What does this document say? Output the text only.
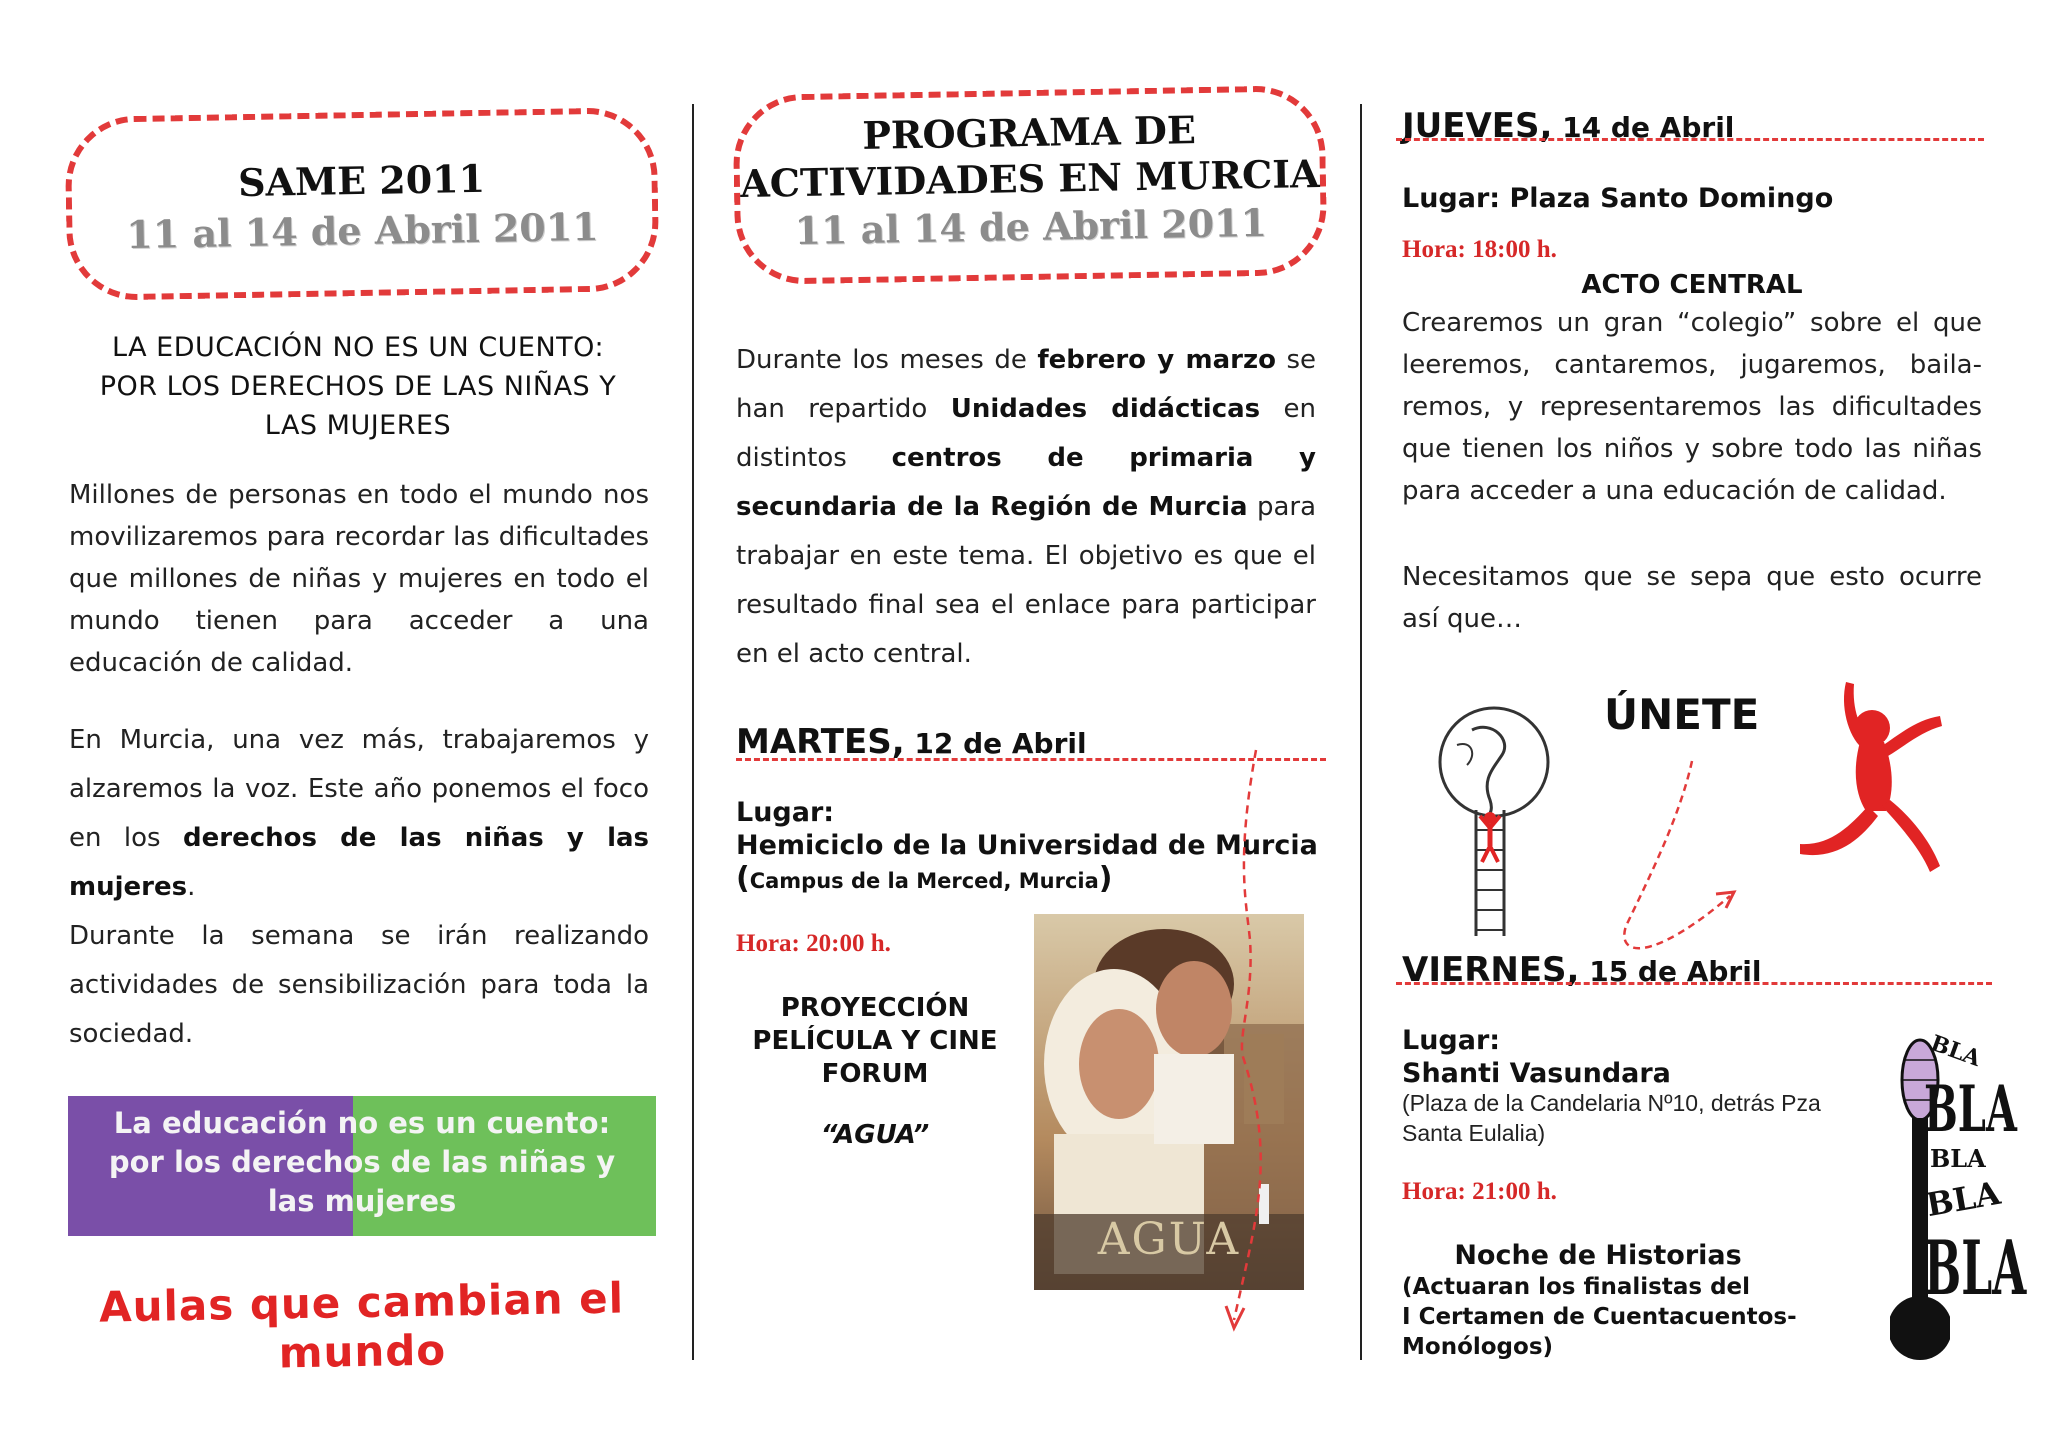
SAME 2011
11 al 14 de Abril 2011
LA EDUCACIÓN NO ES UN CUENTO:
POR LOS DERECHOS DE LAS NIÑAS Y
LAS MUJERES
Millones de personas en todo el mundo nos movilizaremos para recordar las dificultades que millones de niñas y mujeres en todo el mundo tienen para acceder a una educación de calidad.
En Murcia, una vez más, trabajaremos y alzaremos la voz. Este año ponemos el foco en los derechos de las niñas y las mujeres.
Durante la semana se irán realizando actividades de sensibilización para toda la sociedad.
La educación no es un cuento:
por los derechos de las niñas y
las mujeres
Aulas que cambian el mundo
PROGRAMA DE
ACTIVIDADES EN MURCIA
11 al 14 de Abril 2011
Durante los meses de febrero y marzo se han repartido Unidades didácticas en distintos centros de primaria y secundaria de la Región de Murcia para trabajar en este tema. El objetivo es que el resultado final sea el enlace para participar en el acto central.
MARTES, 12 de Abril
Lugar:
Hemiciclo de la Universidad de Murcia
(Campus de la Merced, Murcia)
Hora: 20:00 h.
PROYECCIÓN
PELÍCULA Y CINE
FORUM
“AGUA”
AGUA
JUEVES, 14 de Abril
Lugar: Plaza Santo Domingo
Hora: 18:00 h.
ACTO CENTRAL
Crearemos un gran “colegio” sobre el que leeremos, cantaremos, jugaremos, baila-remos, y representaremos las dificultades que tienen los niños y sobre todo las niñas para acceder a una educación de calidad.
Necesitamos que se sepa que esto ocurre así que…
ÚNETE
VIERNES, 15 de Abril
Lugar:
Shanti Vasundara
(Plaza de la Candelaria Nº10, detrás Pza Santa Eulalia)
Hora: 21:00 h.
Noche de Historias
(Actuaran los finalistas del
I Certamen de Cuentacuentos-
Monólogos)
BLA
BLA
BLA
BLA
BLA
